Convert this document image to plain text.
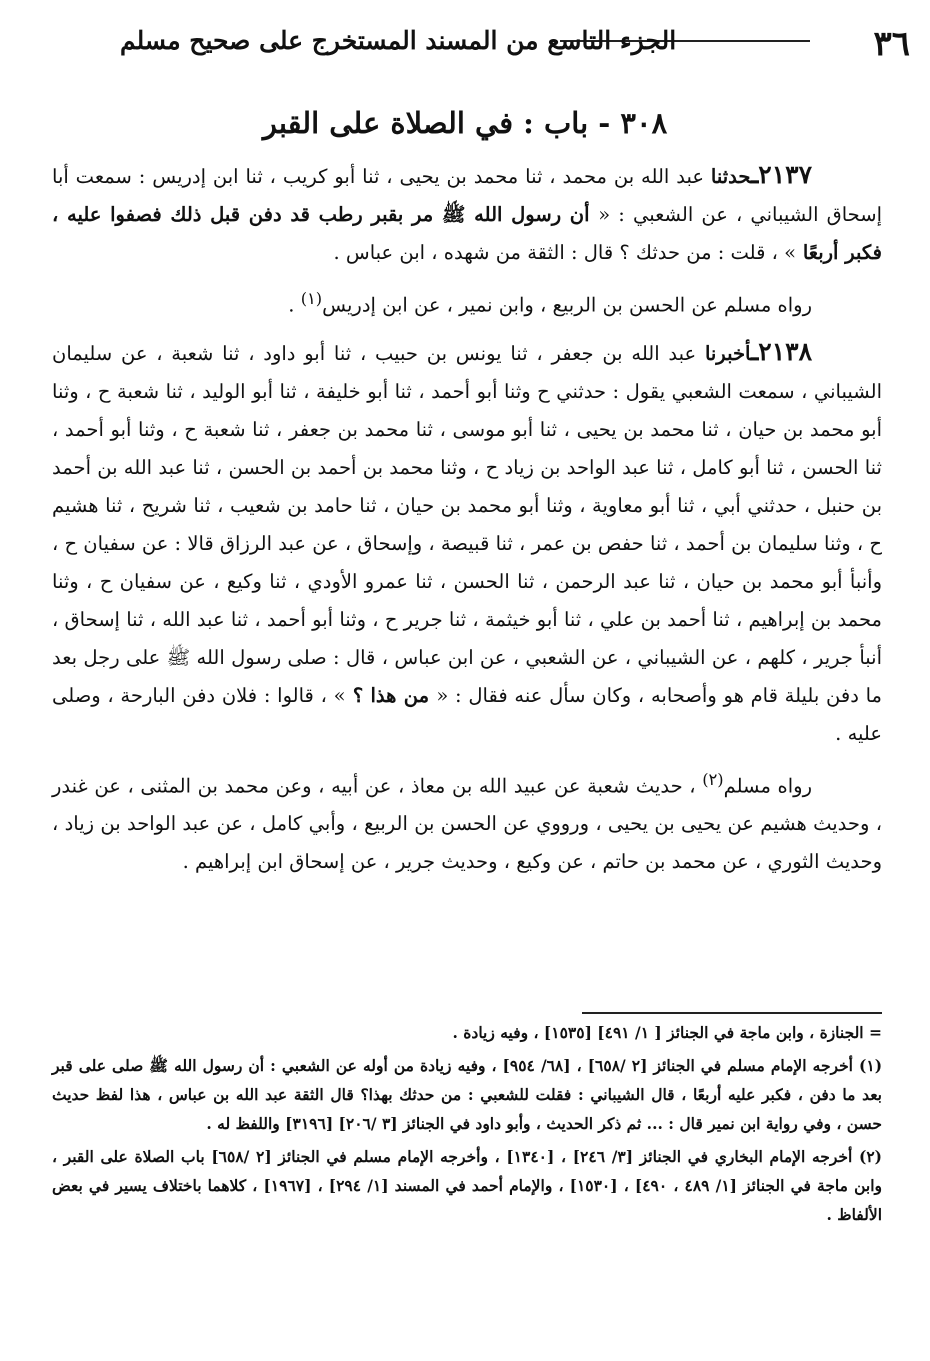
٣٦
الجزء التاسع من المسند المستخرج على صحيح مسلم
٣٠٨ - باب : في الصلاة على القبر

٢١٣٧ـحدثنا عبد الله بن محمد ، ثنا محمد بن يحيى ، ثنا أبو كريب ، ثنا ابن إدريس : سمعت أبا إسحاق الشيباني ، عن الشعبي : « أن رسول الله ﷺ مر بقبر رطب قد دفن قبل ذلك فصفوا عليه ، فكبر أربعًا » ، قلت : من حدثك ؟ قال : الثقة من شهده ، ابن عباس .

رواه مسلم عن الحسن بن الربيع ، وابن نمير ، عن ابن إدريس$^{(١)}$ .

٢١٣٨ـأخبرنا عبد الله بن جعفر ، ثنا يونس بن حبيب ، ثنا أبو داود ، ثنا شعبة ، عن سليمان الشيباني ، سمعت الشعبي يقول : حدثني ح وثنا أبو أحمد ، ثنا أبو خليفة ، ثنا أبو الوليد ، ثنا شعبة ح ، وثنا أبو محمد بن حيان ، ثنا محمد بن يحيى ، ثنا أبو موسى ، ثنا محمد بن جعفر ، ثنا شعبة ح ، وثنا أبو أحمد ، ثنا الحسن ، ثنا أبو كامل ، ثنا عبد الواحد بن زياد ح ، وثنا محمد بن أحمد بن الحسن ، ثنا عبد الله بن أحمد بن حنبل ، حدثني أبي ، ثنا أبو معاوية ، وثنا أبو محمد بن حيان ، ثنا حامد بن شعيب ، ثنا شريح ، ثنا هشيم ح ، وثنا سليمان بن أحمد ، ثنا حفص بن عمر ، ثنا قبيصة ، وإسحاق ، عن عبد الرزاق قالا : عن سفيان ح ، وأنبأ أبو محمد بن حيان ، ثنا عبد الرحمن ، ثنا الحسن ، ثنا عمرو الأودي ، ثنا وكيع ، عن سفيان ح ، وثنا محمد بن إبراهيم ، ثنا أحمد بن علي ، ثنا أبو خيثمة ، ثنا جرير ح ، وثنا أبو أحمد ، ثنا عبد الله ، ثنا إسحاق ، أنبأ جرير ، كلهم ، عن الشيباني ، عن الشعبي ، عن ابن عباس ، قال : صلى رسول الله ﷺ على رجل بعد ما دفن بليلة قام هو وأصحابه ، وكان سأل عنه فقال : « من هذا ؟ » ، قالوا : فلان دفن البارحة ، وصلى عليه .

رواه مسلم$^{(٢)}$ ، حديث شعبة عن عبيد الله بن معاذ ، عن أبيه ، وعن محمد بن المثنى ، عن غندر ، وحديث هشيم عن يحيى بن يحيى ، ورووي عن الحسن بن الربيع ، وأبي كامل ، عن عبد الواحد بن زياد ، وحديث الثوري ، عن محمد بن حاتم ، عن وكيع ، وحديث جرير ، عن إسحاق ابن إبراهيم .

= الجنازة ، وابن ماجة في الجنائز [ ١/ ٤٩١] [١٥٣٥] ، وفيه زيادة .

(١) أخرجه الإمام مسلم في الجنائز [٢ /٦٥٨] ، [٦٨/ ٩٥٤] ، وفيه زيادة من أوله عن الشعبي : أن رسول الله ﷺ صلى على قبر بعد ما دفن ، فكبر عليه أربعًا ، قال الشيباني : فقلت للشعبي : من حدثك بهذا؟ قال الثقة عبد الله بن عباس ، هذا لفظ حديث حسن ، وفي رواية ابن نمير قال : ... ثم ذكر الحديث ، وأبو داود في الجنائز [٣ /٢٠٦] [٣١٩٦] واللفظ له .

(٢) أخرجه الإمام البخاري في الجنائز [٣/ ٢٤٦] ، [١٣٤٠] ، وأخرجه الإمام مسلم في الجنائز [٢ /٦٥٨] باب الصلاة على القبر ، وابن ماجة في الجنائز [١/ ٤٨٩ ، ٤٩٠] ، [١٥٣٠] ، والإمام أحمد في المسند [١/ ٢٩٤] ، [١٩٦٧] ، كلاهما باختلاف يسير في بعض الألفاظ .
